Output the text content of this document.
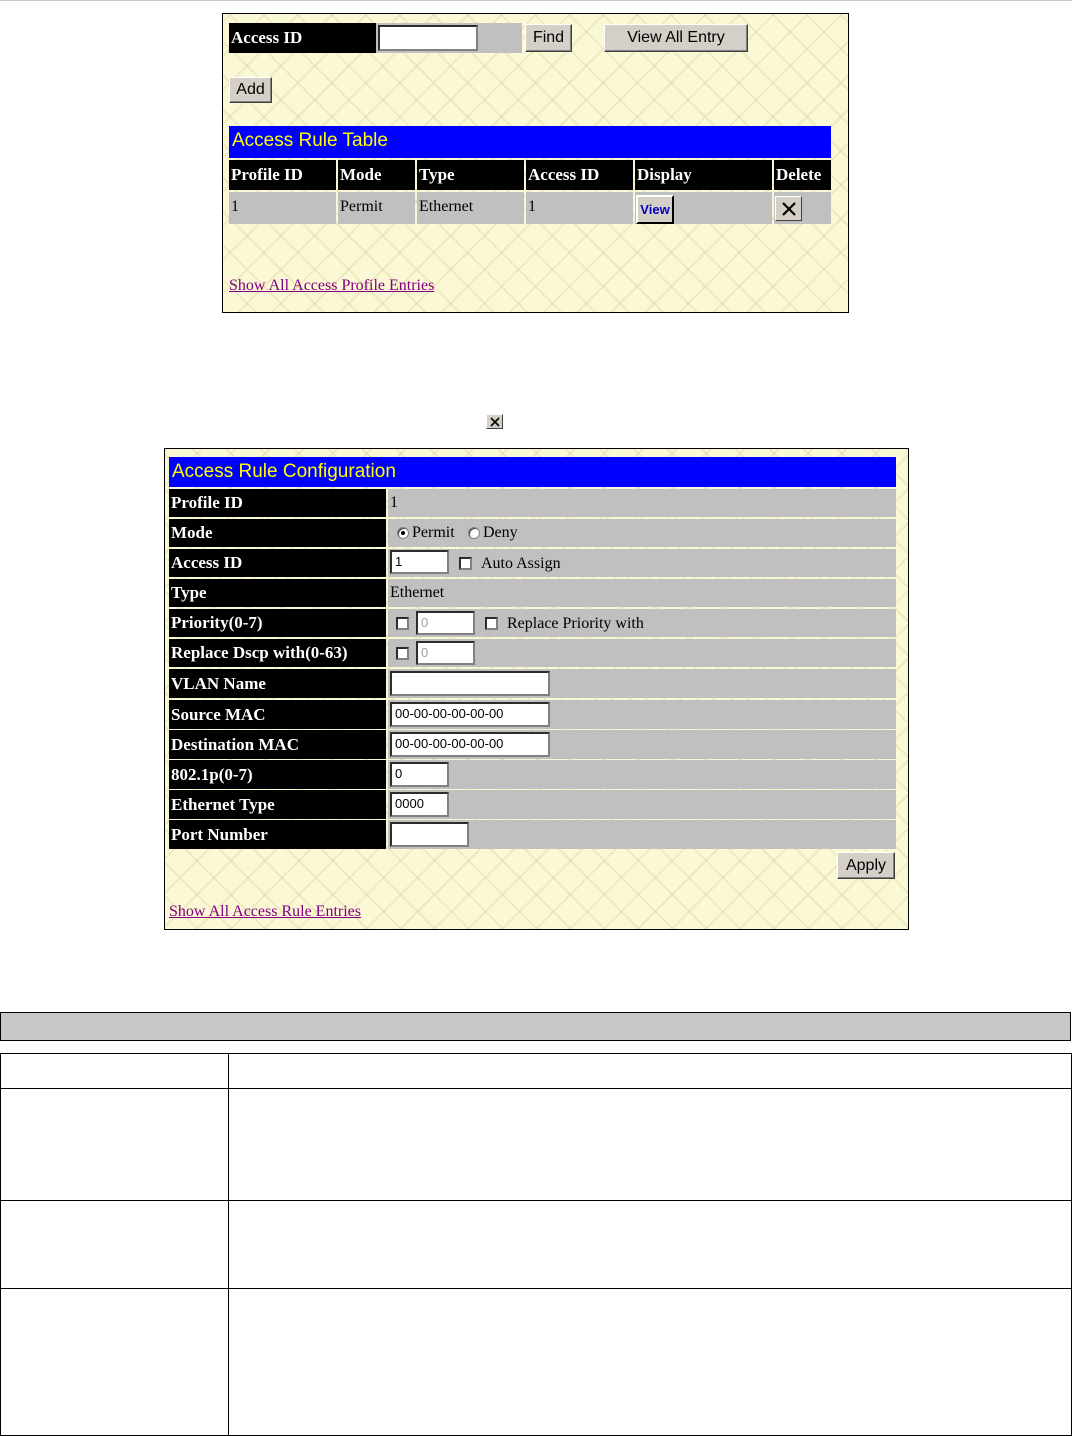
Access ID	Find	View All Entry
Add
Access Rule Table
Profile ID	Mode	Type	Access ID	Display	Delete
1	Permit	Ethernet	1	View
Show All Access Profile Entries
Access Rule Configuration
Profile ID	1
Mode	Permit Deny
Access ID	1	Auto Assign
Type	Ethernet
Priority(0-7)	0	Replace Priority with
Replace Dscp with(0-63)	0
VLAN Name
Source MAC	00-00-00-00-00-00
Destination MAC	00-00-00-00-00-00
802.1p(0-7)	0
Ethernet Type	0000
Port Number
Apply
Show All Access Rule Entries
